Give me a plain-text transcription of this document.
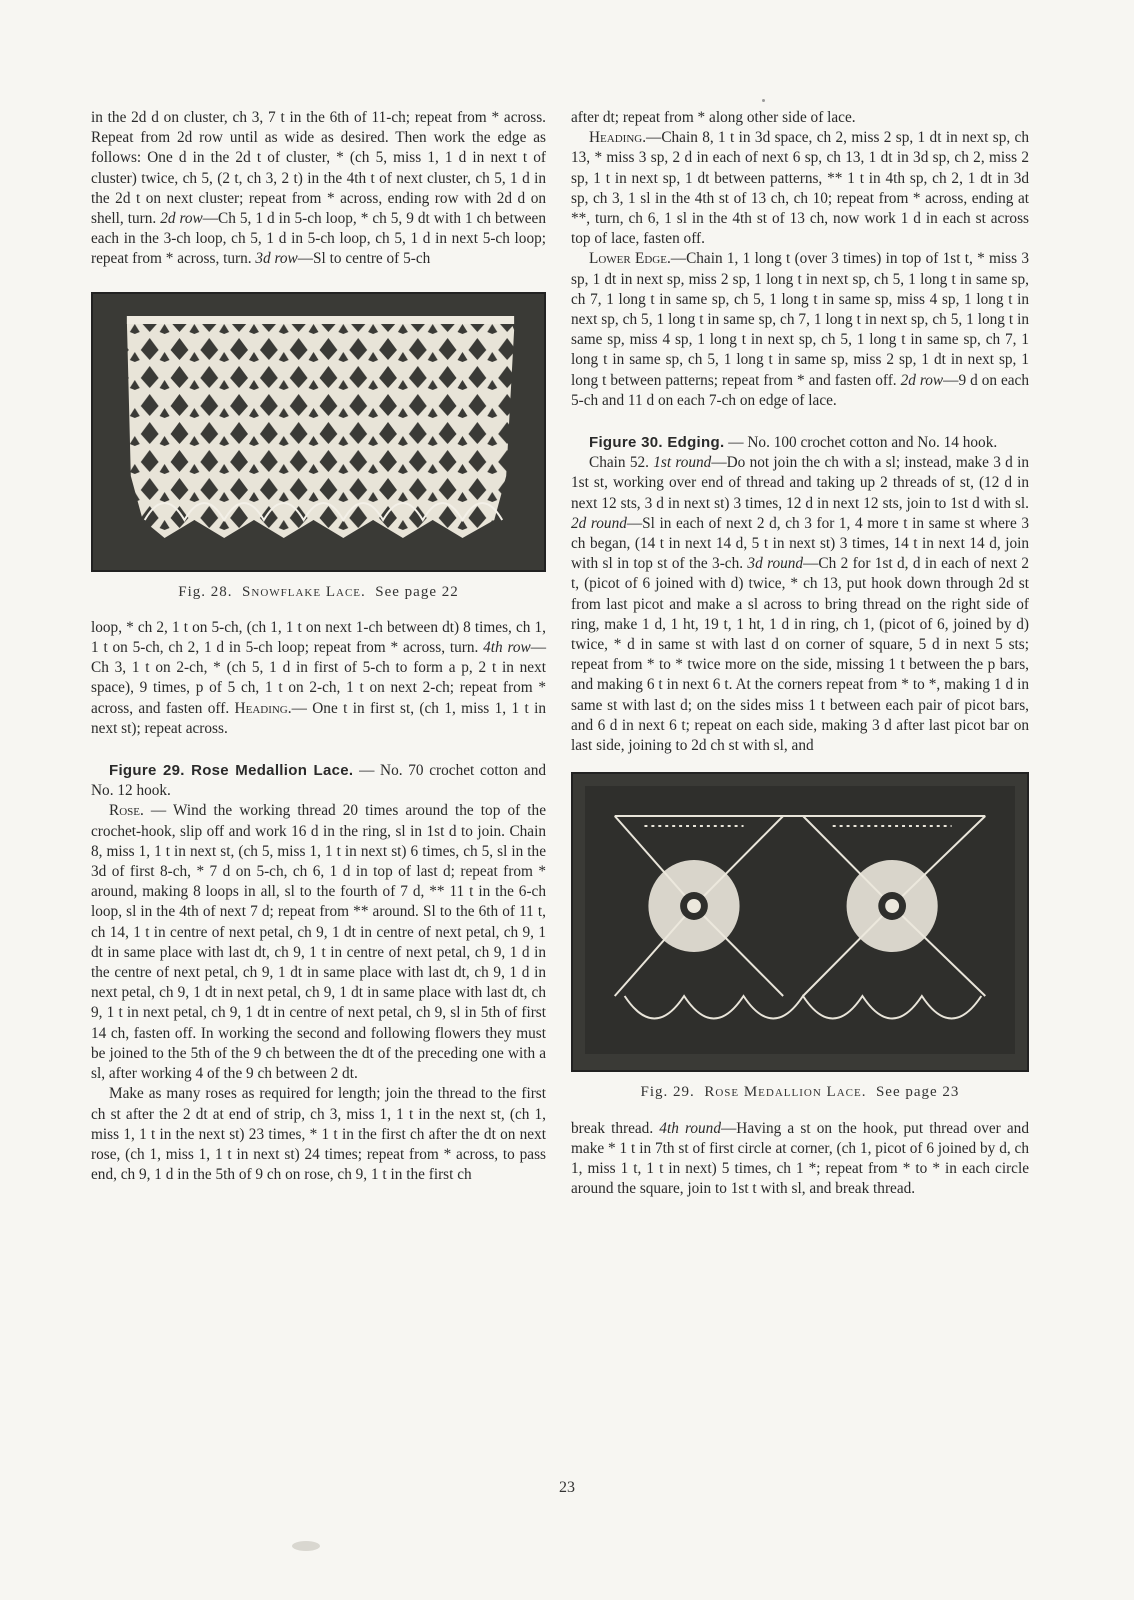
in the 2d d on cluster, ch 3, 7 t in the 6th of 11-ch; repeat from * across. Repeat from 2d row until as wide as desired. Then work the edge as follows: One d in the 2d t of cluster, * (ch 5, miss 1, 1 d in next t of cluster) twice, ch 5, (2 t, ch 3, 2 t) in the 4th t of next cluster, ch 5, 1 d in the 2d t on next cluster; repeat from * across, ending row with 2d d on shell, turn. 2d row—Ch 5, 1 d in 5-ch loop, * ch 5, 9 dt with 1 ch between each in the 3-ch loop, ch 5, 1 d in 5-ch loop, ch 5, 1 d in next 5-ch loop; repeat from * across, turn. 3d row—Sl to centre of 5-ch

Fig. 28. Snowflake Lace. See page 22

loop, * ch 2, 1 t on 5-ch, (ch 1, 1 t on next 1-ch between dt) 8 times, ch 1, 1 t on 5-ch, ch 2, 1 d in 5-ch loop; repeat from * across, turn. 4th row—Ch 3, 1 t on 2-ch, * (ch 5, 1 d in first of 5-ch to form a p, 2 t in next space), 9 times, p of 5 ch, 1 t on 2-ch, 1 t on next 2-ch; repeat from * across, and fasten off. Heading.— One t in first st, (ch 1, miss 1, 1 t in next st); repeat across.

Figure 29. Rose Medallion Lace. — No. 70 crochet cotton and No. 12 hook.

Rose. — Wind the working thread 20 times around the top of the crochet-hook, slip off and work 16 d in the ring, sl in 1st d to join. Chain 8, miss 1, 1 t in next st, (ch 5, miss 1, 1 t in next st) 6 times, ch 5, sl in the 3d of first 8-ch, * 7 d on 5-ch, ch 6, 1 d in top of last d; repeat from * around, making 8 loops in all, sl to the fourth of 7 d, ** 11 t in the 6-ch loop, sl in the 4th of next 7 d; repeat from ** around. Sl to the 6th of 11 t, ch 14, 1 t in centre of next petal, ch 9, 1 dt in centre of next petal, ch 9, 1 dt in same place with last dt, ch 9, 1 t in centre of next petal, ch 9, 1 d in the centre of next petal, ch 9, 1 dt in same place with last dt, ch 9, 1 d in next petal, ch 9, 1 dt in next petal, ch 9, 1 dt in same place with last dt, ch 9, 1 t in next petal, ch 9, 1 dt in centre of next petal, ch 9, sl in 5th of first 14 ch, fasten off. In working the second and following flowers they must be joined to the 5th of the 9 ch between the dt of the preceding one with a sl, after working 4 of the 9 ch between 2 dt.

Make as many roses as required for length; join the thread to the first ch st after the 2 dt at end of strip, ch 3, miss 1, 1 t in the next st, (ch 1, miss 1, 1 t in the next st) 23 times, * 1 t in the first ch after the dt on next rose, (ch 1, miss 1, 1 t in next st) 24 times; repeat from * across, to pass end, ch 9, 1 d in the 5th of 9 ch on rose, ch 9, 1 t in the first ch

after dt; repeat from * along other side of lace.

Heading.—Chain 8, 1 t in 3d space, ch 2, miss 2 sp, 1 dt in next sp, ch 13, * miss 3 sp, 2 d in each of next 6 sp, ch 13, 1 dt in 3d sp, ch 2, miss 2 sp, 1 t in next sp, 1 dt between patterns, ** 1 t in 4th sp, ch 2, 1 dt in 3d sp, ch 3, 1 sl in the 4th st of 13 ch, ch 10; repeat from * across, ending at **, turn, ch 6, 1 sl in the 4th st of 13 ch, now work 1 d in each st across top of lace, fasten off.

Lower Edge.—Chain 1, 1 long t (over 3 times) in top of 1st t, * miss 3 sp, 1 dt in next sp, miss 2 sp, 1 long t in next sp, ch 5, 1 long t in same sp, ch 7, 1 long t in same sp, ch 5, 1 long t in same sp, miss 4 sp, 1 long t in next sp, ch 5, 1 long t in same sp, ch 7, 1 long t in next sp, ch 5, 1 long t in same sp, miss 4 sp, 1 long t in next sp, ch 5, 1 long t in same sp, ch 7, 1 long t in same sp, ch 5, 1 long t in same sp, miss 2 sp, 1 dt in next sp, 1 long t between patterns; repeat from * and fasten off. 2d row—9 d on each 5-ch and 11 d on each 7-ch on edge of lace.

Figure 30. Edging. — No. 100 crochet cotton and No. 14 hook.

Chain 52. 1st round—Do not join the ch with a sl; instead, make 3 d in 1st st, working over end of thread and taking up 2 threads of st, (12 d in next 12 sts, 3 d in next st) 3 times, 12 d in next 12 sts, join to 1st d with sl. 2d round—Sl in each of next 2 d, ch 3 for 1, 4 more t in same st where 3 ch began, (14 t in next 14 d, 5 t in next st) 3 times, 14 t in next 14 d, join with sl in top st of the 3-ch. 3d round—Ch 2 for 1st d, d in each of next 2 t, (picot of 6 joined with d) twice, * ch 13, put hook down through 2d st from last picot and make a sl across to bring thread on the right side of ring, make 1 d, 1 ht, 19 t, 1 ht, 1 d in ring, ch 1, (picot of 6, joined by d) twice, * d in same st with last d on corner of square, 5 d in next 5 sts; repeat from * to * twice more on the side, missing 1 t between the p bars, and making 6 t in next 6 t. At the corners repeat from * to *, making 1 d in same st with last d; on the sides miss 1 t between each pair of picot bars, and 6 d in next 6 t; repeat on each side, making 3 d after last picot bar on last side, joining to 2d ch st with sl, and

Fig. 29. Rose Medallion Lace. See page 23

break thread. 4th round—Having a st on the hook, put thread over and make * 1 t in 7th st of first circle at corner, (ch 1, picot of 6 joined by d, ch 1, miss 1 t, 1 t in next) 5 times, ch 1 *; repeat from * to * in each circle around the square, join to 1st t with sl, and break thread.

23
